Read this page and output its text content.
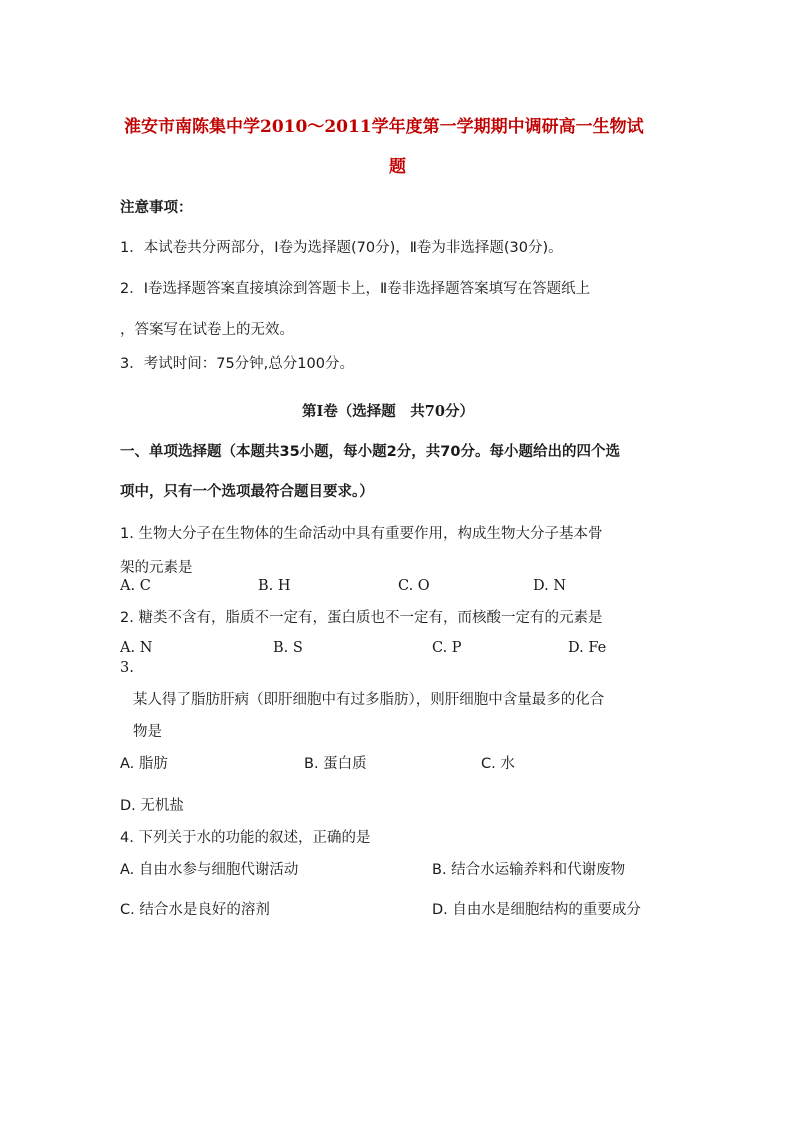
淮安市南陈集中学2010～2011学年度第一学期期中调研高一生物试
题
注意事项：
1．本试卷共分两部分，Ⅰ卷为选择题(70分)，Ⅱ卷为非选择题(30分)。
2．Ⅰ卷选择题答案直接填涂到答题卡上，Ⅱ卷非选择题答案填写在答题纸上
，答案写在试卷上的无效。
3．考试时间：75分钟,总分100分。
第Ⅰ卷（选择题　共70分）
一、单项选择题（本题共35小题，每小题2分，共70分。每小题给出的四个选
项中，只有一个选项最符合题目要求。）
1. 生物大分子在生物体的生命活动中具有重要作用，构成生物大分子基本骨
架的元素是
A. C	B. H	C. O	D. N
2. 糖类不含有，脂质不一定有，蛋白质也不一定有，而核酸一定有的元素是
A. N	B. S	C. P	D. Fe
3.
某人得了脂肪肝病（即肝细胞中有过多脂肪），则肝细胞中含量最多的化合
物是
A. 脂肪	B. 蛋白质	C. 水
D. 无机盐
4. 下列关于水的功能的叙述，正确的是
A. 自由水参与细胞代谢活动	B. 结合水运输养料和代谢废物
C. 结合水是良好的溶剂	D. 自由水是细胞结构的重要成分
